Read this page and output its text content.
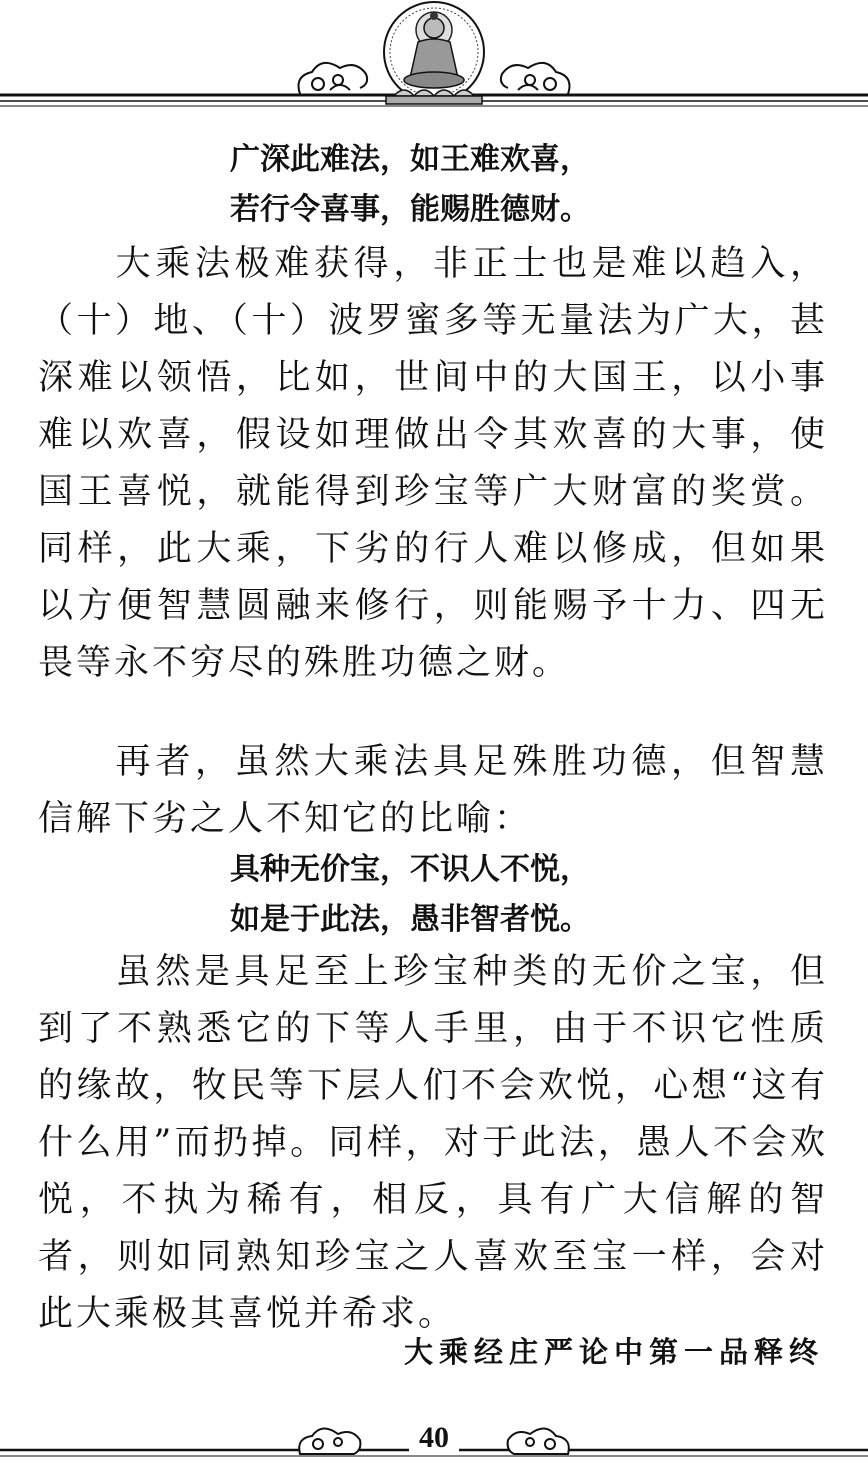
广深此难法，如王难欢喜，
若行令喜事，能赐胜德财。
大乘法极难获得，非正士也是难以趋入，（十）地、（十）波罗蜜多等无量法为广大，甚深难以领悟，比如，世间中的大国王，以小事难以欢喜，假设如理做出令其欢喜的大事，使国王喜悦，就能得到珍宝等广大财富的奖赏。同样，此大乘，下劣的行人难以修成，但如果以方便智慧圆融来修行，则能赐予十力、四无畏等永不穷尽的殊胜功德之财。
再者，虽然大乘法具足殊胜功德，但智慧信解下劣之人不知它的比喻：
具种无价宝，不识人不悦，
如是于此法，愚非智者悦。
虽然是具足至上珍宝种类的无价之宝，但到了不熟悉它的下等人手里，由于不识它性质的缘故，牧民等下层人们不会欢悦，心想“这有什么用”而扔掉。同样，对于此法，愚人不会欢悦，不执为稀有，相反，具有广大信解的智者，则如同熟知珍宝之人喜欢至宝一样，会对此大乘极其喜悦并希求。
大乘经庄严论中第一品释终
40
